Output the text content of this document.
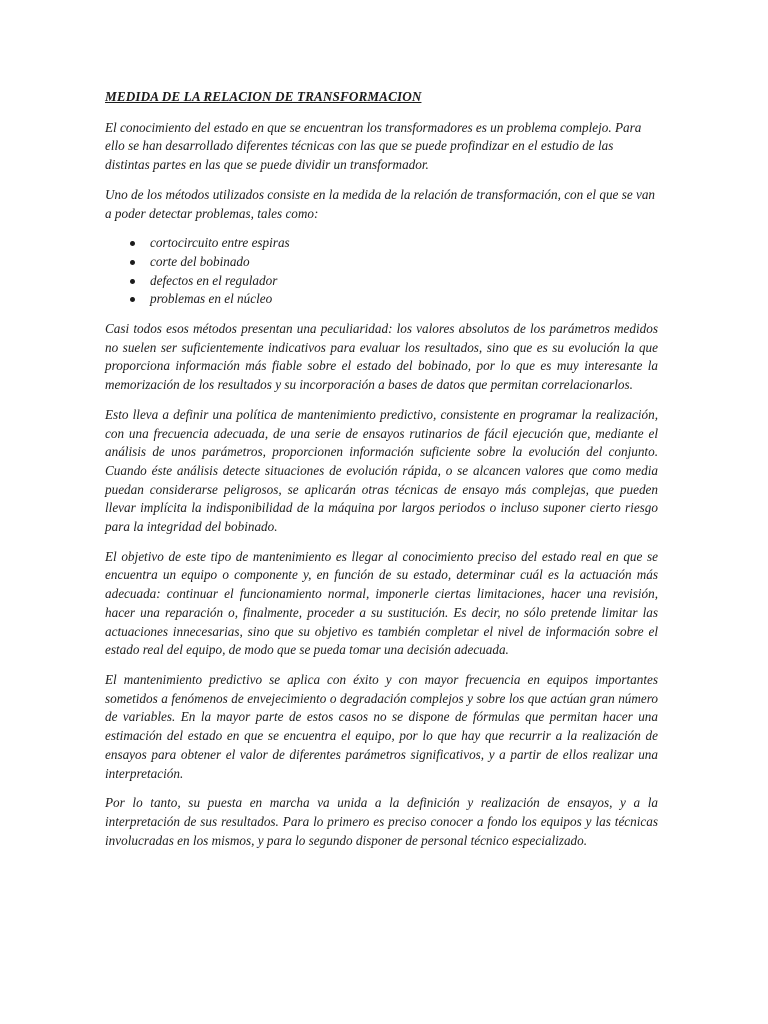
MEDIDA DE LA RELACION DE TRANSFORMACION

El conocimiento del estado en que se encuentran los transformadores es un problema complejo. Para ello se han desarrollado diferentes técnicas con las que se puede profindizar en el estudio de las distintas partes en las que se puede dividir un transformador.

Uno de los métodos utilizados consiste en la medida de la relación de transformación, con el que se van a poder detectar problemas, tales como:

cortocircuito entre espiras
corte del bobinado
defectos en el regulador
problemas en el núcleo

Casi todos esos métodos presentan una peculiaridad: los valores absolutos de los parámetros medidos no suelen ser suficientemente indicativos para evaluar los resultados, sino que es su evolución la que proporciona información más fiable sobre el estado del bobinado, por lo que es muy interesante la memorización de los resultados y su incorporación a bases de datos que permitan correlacionarlos.

Esto lleva a definir una política de mantenimiento predictivo, consistente en programar la realización, con una frecuencia adecuada, de una serie de ensayos rutinarios de fácil ejecución que, mediante el análisis de unos parámetros, proporcionen información suficiente sobre la evolución del conjunto. Cuando éste análisis detecte situaciones de evolución rápida, o se alcancen valores que como media puedan considerarse peligrosos, se aplicarán otras técnicas de ensayo más complejas, que pueden llevar implícita la indisponibilidad de la máquina por largos periodos o incluso suponer cierto riesgo para la integridad del bobinado.

El objetivo de este tipo de mantenimiento es llegar al conocimiento preciso del estado real en que se encuentra un equipo o componente y, en función de su estado, determinar cuál es la actuación más adecuada: continuar el funcionamiento normal, imponerle ciertas limitaciones, hacer una revisión, hacer una reparación o, finalmente, proceder a su sustitución. Es decir, no sólo pretende limitar las actuaciones innecesarias, sino que su objetivo es también completar el nivel de información sobre el estado real del equipo, de modo que se pueda tomar una decisión adecuada.

El mantenimiento predictivo se aplica con éxito y con mayor frecuencia en equipos importantes sometidos a fenómenos de envejecimiento o degradación complejos y sobre los que actúan gran número de variables. En la mayor parte de estos casos no se dispone de fórmulas que permitan hacer una estimación del estado en que se encuentra el equipo, por lo que hay que recurrir a la realización de ensayos para obtener el valor de diferentes parámetros significativos, y a partir de ellos realizar una interpretación.

Por lo tanto, su puesta en marcha va unida a la definición y realización de ensayos, y a la interpretación de sus resultados. Para lo primero es preciso conocer a fondo los equipos y las técnicas involucradas en los mismos, y para lo segundo disponer de personal técnico especializado.
